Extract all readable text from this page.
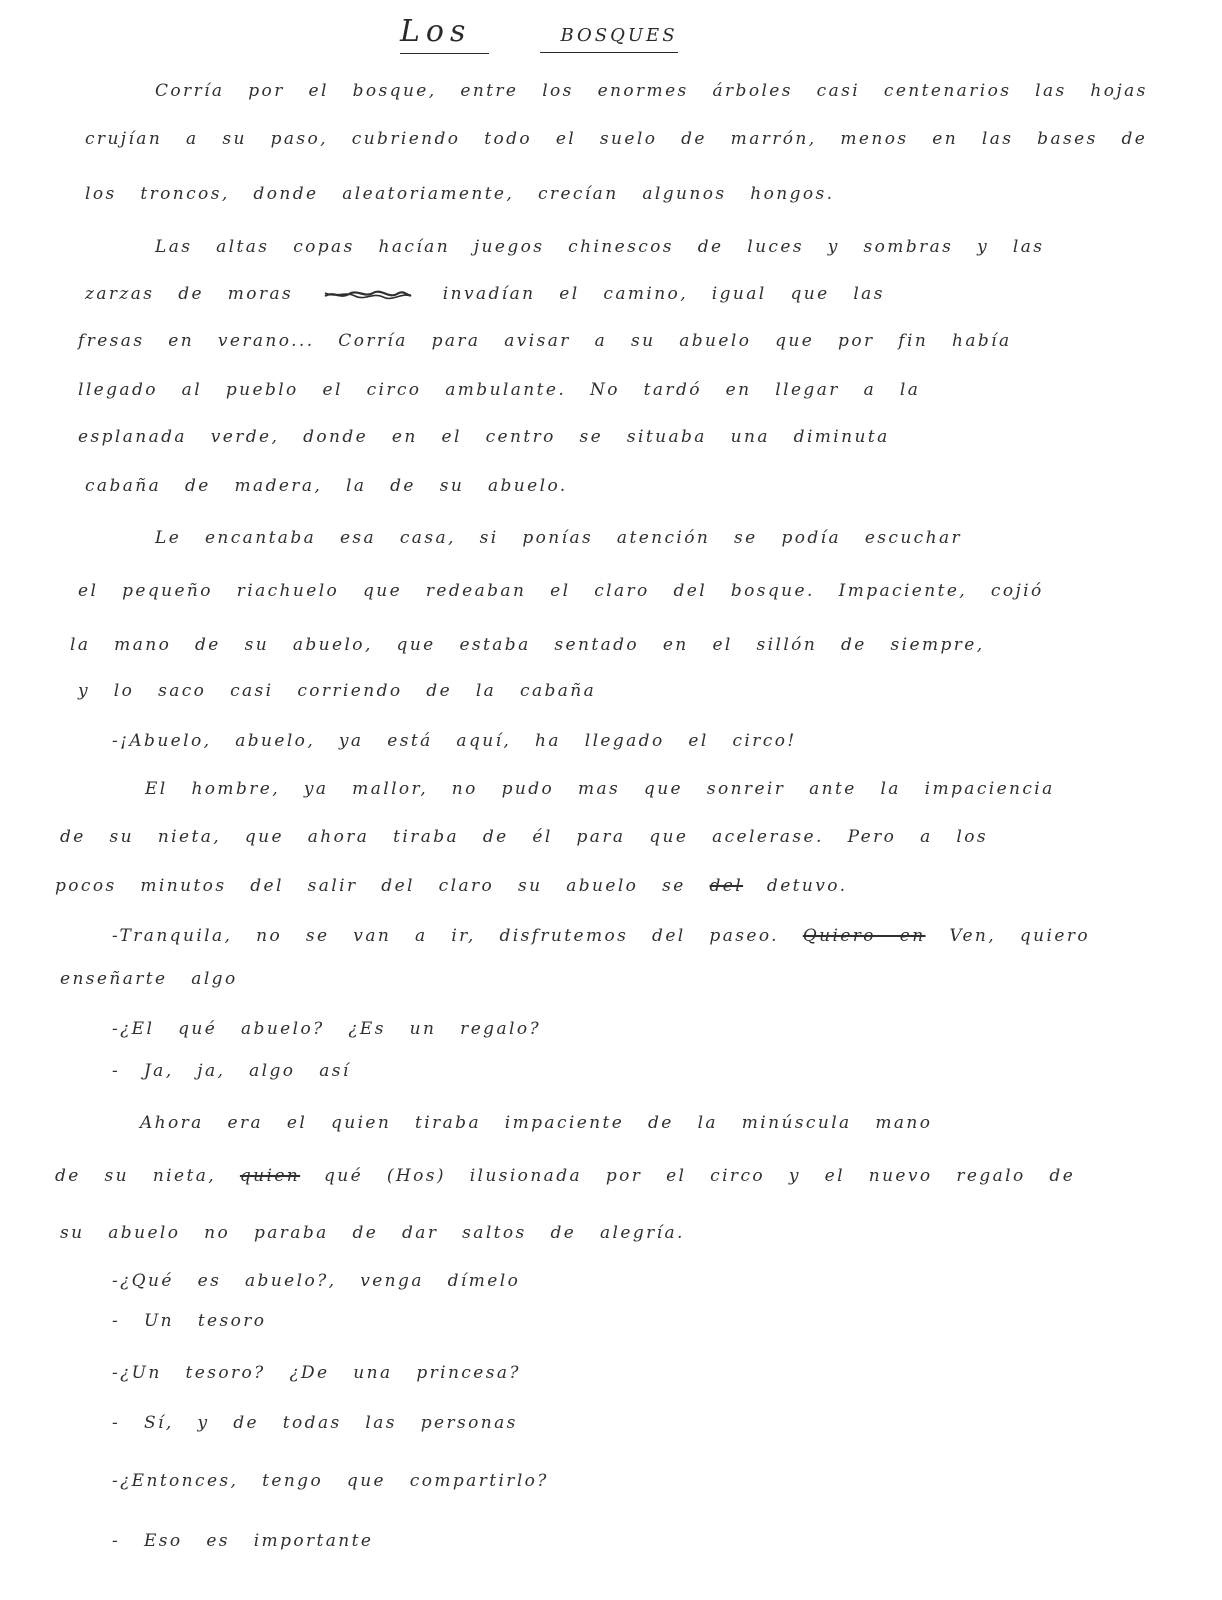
Los	BOSQUES
Corría por el bosque, entre los enormes árboles casi centenarios las hojas
crujían a su paso, cubriendo todo el suelo de marrón, menos en las bases de
los troncos, donde aleatoriamente, crecían algunos hongos.
Las altas copas hacían juegos chinescos de luces y sombras y las
zarzas de moras	invadían el camino, igual que las
fresas en verano... Corría para avisar a su abuelo que por fin había
llegado al pueblo el circo ambulante. No tardó en llegar a la
esplanada verde, donde en el centro se situaba una diminuta
cabaña de madera, la de su abuelo.
Le encantaba esa casa, si ponías atención se podía escuchar
el pequeño riachuelo que redeaban el claro del bosque. Impaciente, cojió
la mano de su abuelo, que estaba sentado en el sillón de siempre,
y lo saco casi corriendo de la cabaña
-¡Abuelo, abuelo, ya está aquí, ha llegado el circo!
El hombre, ya mallor, no pudo mas que sonreir ante la impaciencia
de su nieta, que ahora tiraba de él para que acelerase. Pero a los
pocos minutos del salir del claro su abuelo se del detuvo.
-Tranquila, no se van a ir, disfrutemos del paseo. Quiero en Ven, quiero
enseñarte algo
-¿El qué abuelo? ¿Es un regalo?
- Ja, ja, algo así
Ahora era el quien tiraba impaciente de la minúscula mano
de su nieta, quien qué (Hos) ilusionada por el circo y el nuevo regalo de
su abuelo no paraba de dar saltos de alegría.
-¿Qué es abuelo?, venga dímelo
- Un tesoro
-¿Un tesoro? ¿De una princesa?
- Sí, y de todas las personas
-¿Entonces, tengo que compartirlo?
- Eso es importante
